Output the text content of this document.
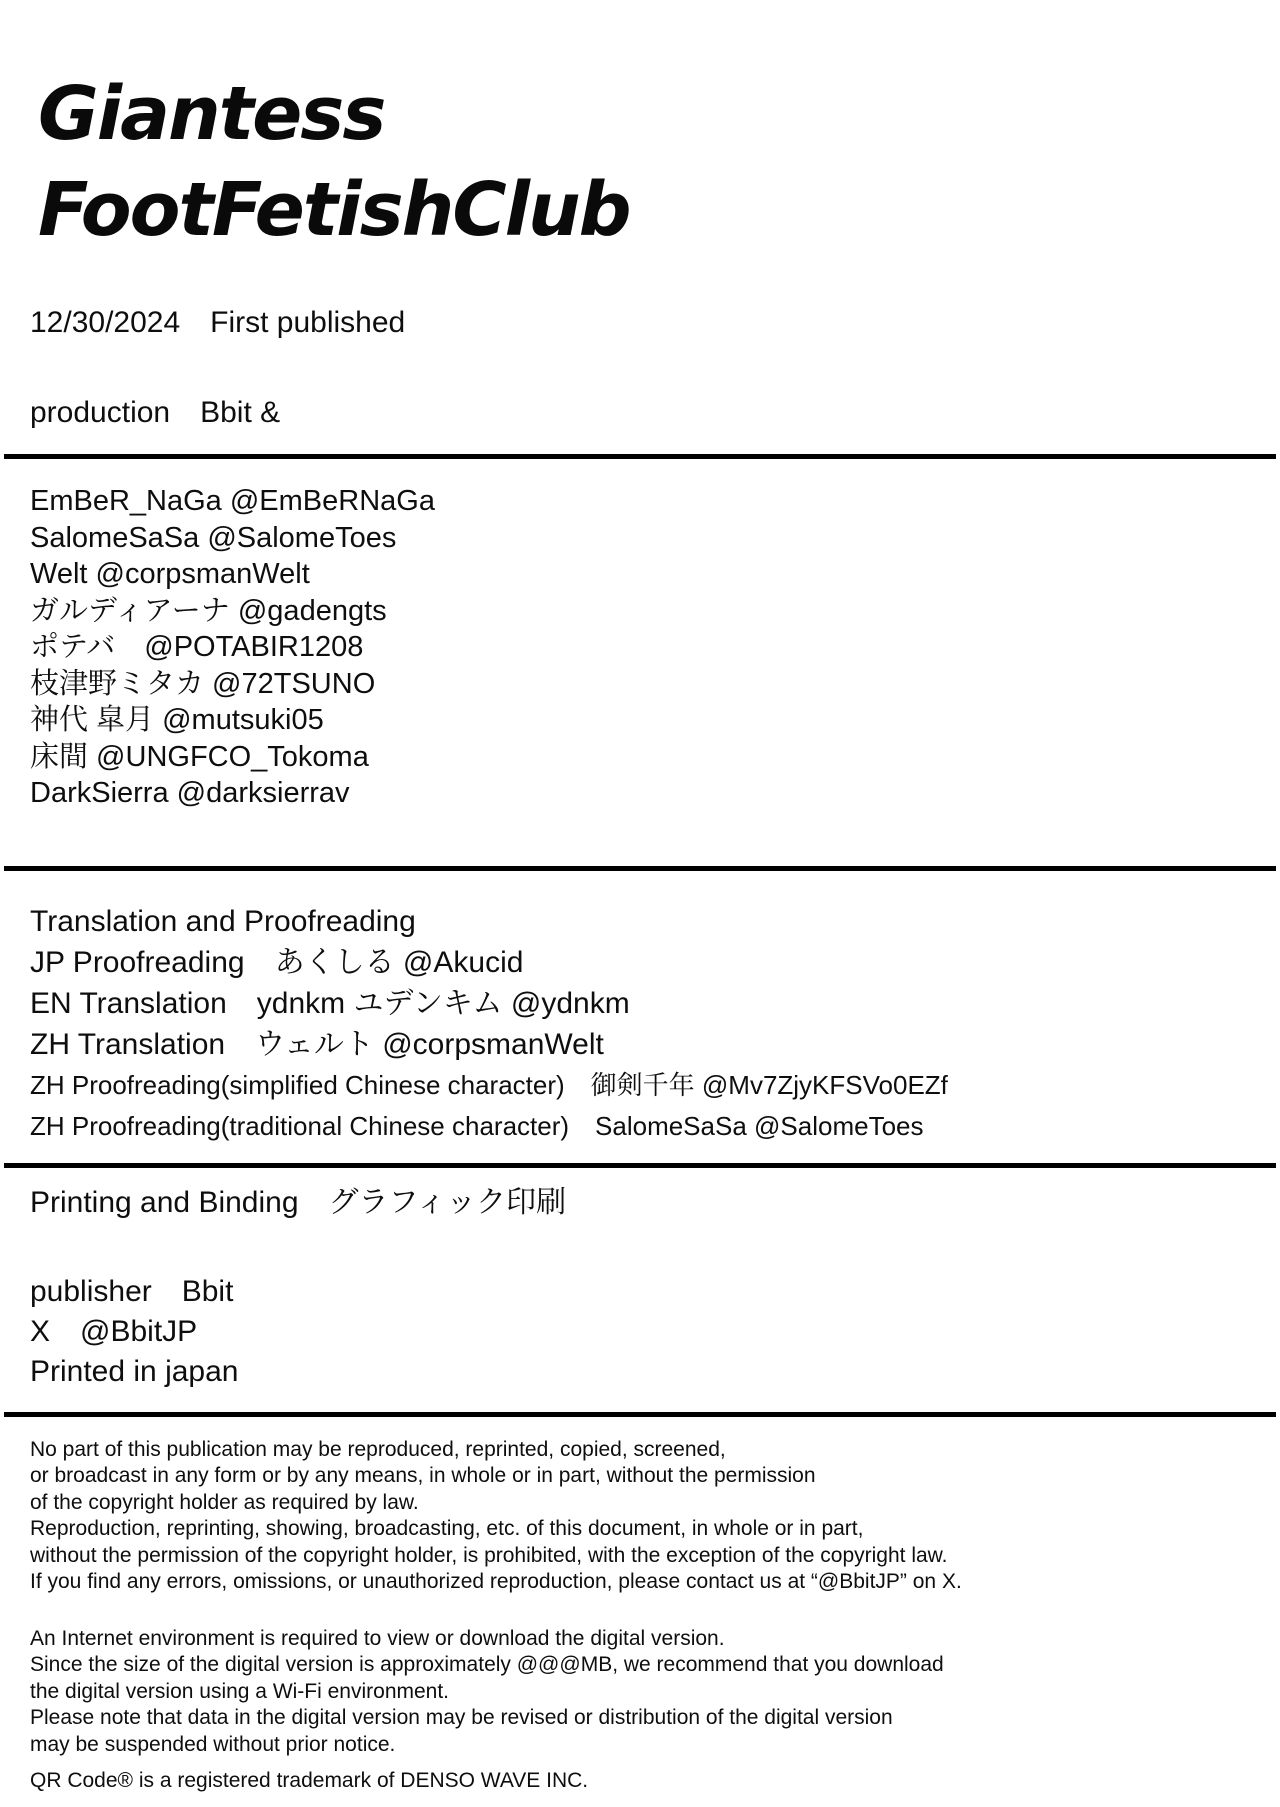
Giantess
FootFetishClub
12/30/2024　First published
production　Bbit &
EmBeR_NaGa @EmBeRNaGa
SalomeSaSa @SalomeToes
Welt @corpsmanWelt
ガルディアーナ @gadengts
ポテバ　@POTABIR1208
枝津野ミタカ @72TSUNO
神代 皐月 @mutsuki05
床間 @UNGFCO_Tokoma
DarkSierra @darksierrav
Translation and Proofreading
JP Proofreading　あくしる @Akucid
EN Translation　ydnkm ユデンキム @ydnkm
ZH Translation　ウェルト @corpsmanWelt
ZH Proofreading(simplified Chinese character)　御剣千年 @Mv7ZjyKFSVo0EZf
ZH Proofreading(traditional Chinese character)　SalomeSaSa @SalomeToes
Printing and Binding　グラフィック印刷
publisher　Bbit
X　@BbitJP
Printed in japan
No part of this publication may be reproduced, reprinted, copied, screened,
or broadcast in any form or by any means, in whole or in part, without the permission
of the copyright holder as required by law.
Reproduction, reprinting, showing, broadcasting, etc. of this document, in whole or in part,
without the permission of the copyright holder, is prohibited, with the exception of the copyright law.
If you find any errors, omissions, or unauthorized reproduction, please contact us at “@BbitJP” on X.
An Internet environment is required to view or download the digital version.
Since the size of the digital version is approximately @@@MB, we recommend that you download
the digital version using a Wi-Fi environment.
Please note that data in the digital version may be revised or distribution of the digital version
may be suspended without prior notice.
QR Code® is a registered trademark of DENSO WAVE INC.
